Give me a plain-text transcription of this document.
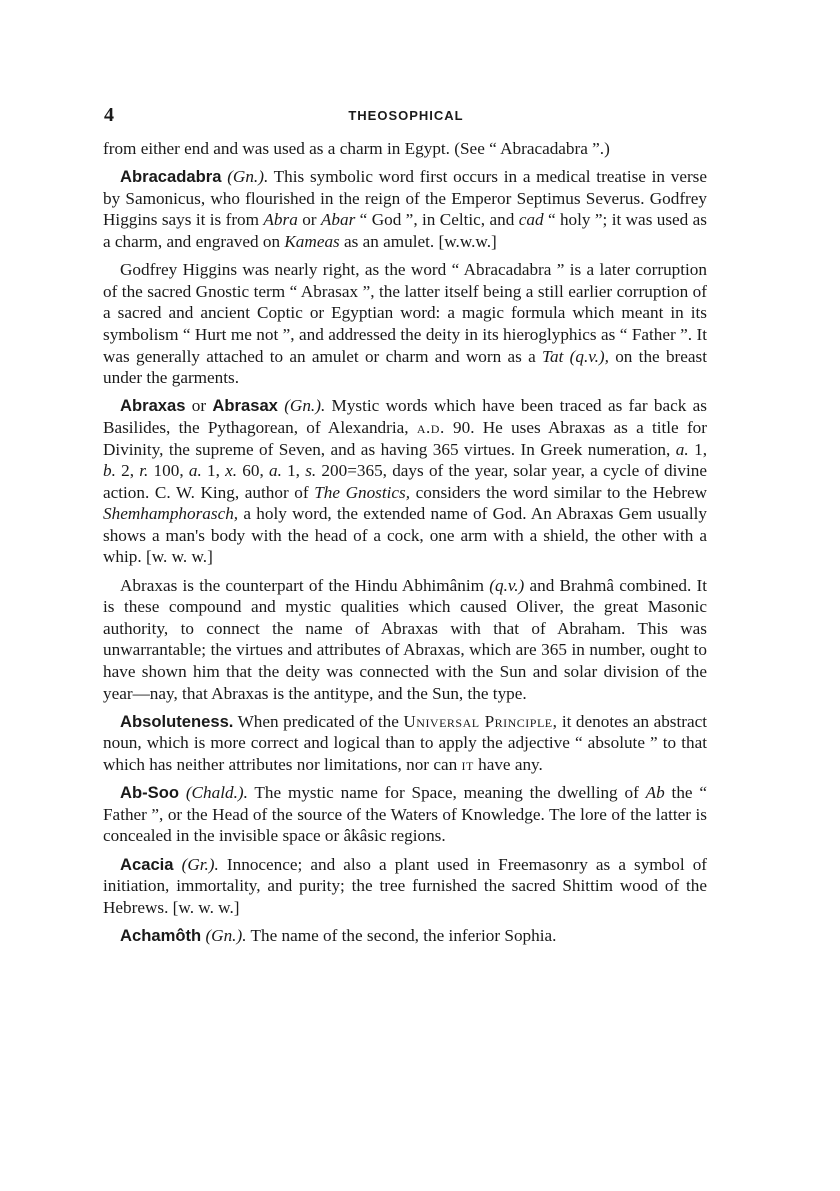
4	THEOSOPHICAL

from either end and was used as a charm in Egypt. (See “ Abracadabra ”.)

Abracadabra (Gn.). This symbolic word first occurs in a medical treatise in verse by Samonicus, who flourished in the reign of the Emperor Septimus Severus. Godfrey Higgins says it is from Abra or Abar “ God ”, in Celtic, and cad “ holy ”; it was used as a charm, and engraved on Kameas as an amulet. [w.w.w.]

Godfrey Higgins was nearly right, as the word “ Abracadabra ” is a later corruption of the sacred Gnostic term “ Abrasax ”, the latter itself being a still earlier corruption of a sacred and ancient Coptic or Egyptian word: a magic formula which meant in its symbolism “ Hurt me not ”, and addressed the deity in its hieroglyphics as “ Father ”. It was generally attached to an amulet or charm and worn as a Tat (q.v.), on the breast under the garments.

Abraxas or Abrasax (Gn.). Mystic words which have been traced as far back as Basilides, the Pythagorean, of Alexandria, a.d. 90. He uses Abraxas as a title for Divinity, the supreme of Seven, and as having 365 virtues. In Greek numeration, a. 1, b. 2, r. 100, a. 1, x. 60, a. 1, s. 200=365, days of the year, solar year, a cycle of divine action. C. W. King, author of The Gnostics, considers the word similar to the Hebrew Shemhamphorasch, a holy word, the extended name of God. An Abraxas Gem usually shows a man's body with the head of a cock, one arm with a shield, the other with a whip. [w. w. w.]

Abraxas is the counterpart of the Hindu Abhimânim (q.v.) and Brahmâ combined. It is these compound and mystic qualities which caused Oliver, the great Masonic authority, to connect the name of Abraxas with that of Abraham. This was unwarrantable; the virtues and attributes of Abraxas, which are 365 in number, ought to have shown him that the deity was connected with the Sun and solar division of the year—nay, that Abraxas is the antitype, and the Sun, the type.

Absoluteness. When predicated of the Universal Principle, it denotes an abstract noun, which is more correct and logical than to apply the adjective “ absolute ” to that which has neither attributes nor limitations, nor can it have any.

Ab-Soo (Chald.). The mystic name for Space, meaning the dwelling of Ab the “ Father ”, or the Head of the source of the Waters of Knowledge. The lore of the latter is concealed in the invisible space or âkâsic regions.

Acacia (Gr.). Innocence; and also a plant used in Freemasonry as a symbol of initiation, immortality, and purity; the tree furnished the sacred Shittim wood of the Hebrews. [w. w. w.]

Achamôth (Gn.). The name of the second, the inferior Sophia.
